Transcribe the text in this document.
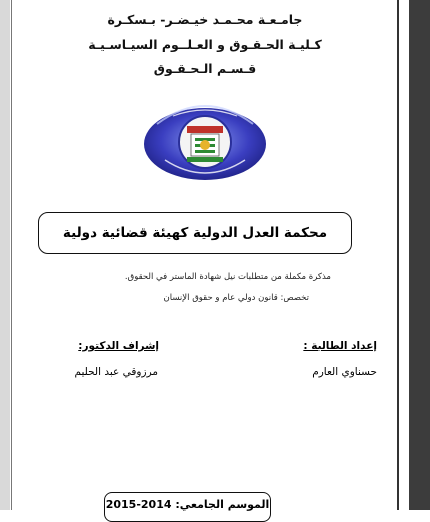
جامـعـة محـمـد خيـضـر- بـسكـرة
كـليـة الحـقـوق و العـلــوم السيـاسـيـة
قـسـم الـحـقـوق
محكمة العدل الدولية كهيئة قضائية دولية
مذكرة مكملة من متطلبات نيل شهادة الماستر في الحقوق.
تخصص: قانون دولي عام و حقوق الإنسان
إعداد الطالبة :
إشراف الدكتور:
حسناوي العارم
مرزوقي عبد الحليم
الموسم الجامعي: 2014-2015
